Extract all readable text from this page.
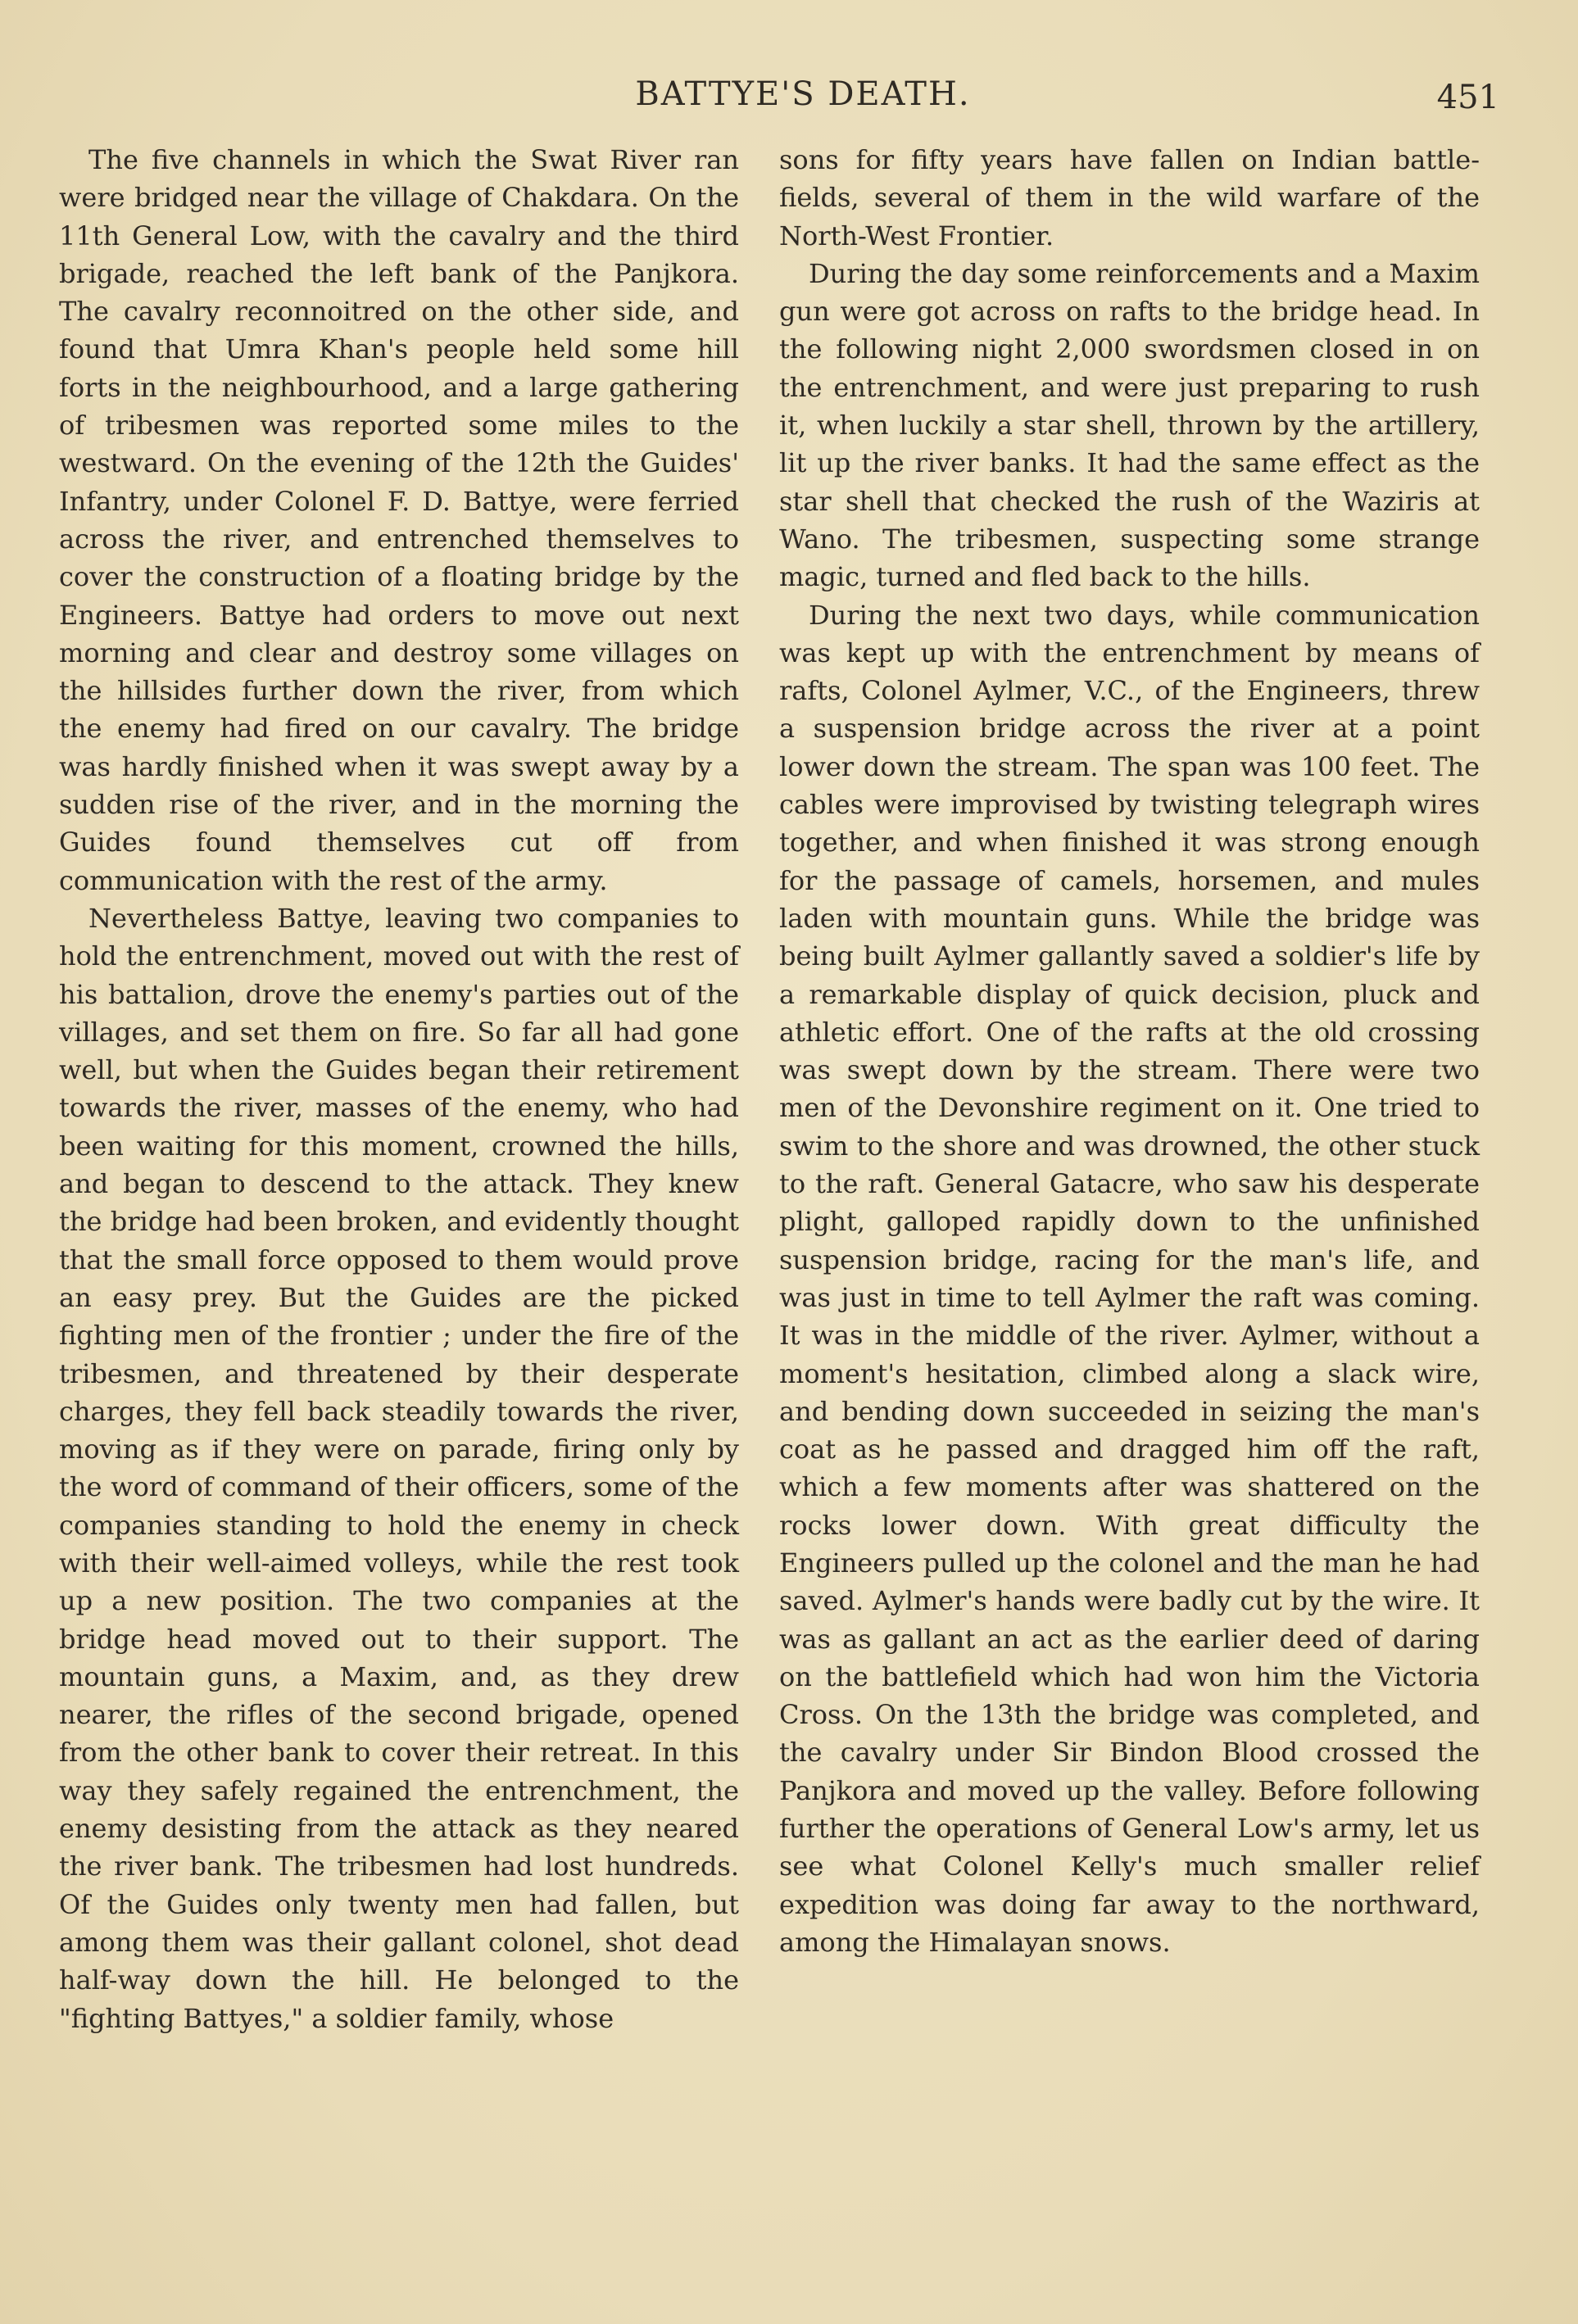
BATTYE'S DEATH.	451

The five channels in which the Swat River ran were bridged near the village of Chakdara. On the 11th General Low, with the cavalry and the third brigade, reached the left bank of the Panjkora. The cavalry reconnoitred on the other side, and found that Umra Khan's people held some hill forts in the neighbourhood, and a large gathering of tribesmen was reported some miles to the westward. On the evening of the 12th the Guides' Infantry, under Colonel F. D. Battye, were ferried across the river, and entrenched themselves to cover the construction of a floating bridge by the Engineers. Battye had orders to move out next morning and clear and destroy some villages on the hillsides further down the river, from which the enemy had fired on our cavalry. The bridge was hardly finished when it was swept away by a sudden rise of the river, and in the morning the Guides found themselves cut off from communication with the rest of the army.

Nevertheless Battye, leaving two companies to hold the entrenchment, moved out with the rest of his battalion, drove the enemy's parties out of the villages, and set them on fire. So far all had gone well, but when the Guides began their retirement towards the river, masses of the enemy, who had been waiting for this moment, crowned the hills, and began to descend to the attack. They knew the bridge had been broken, and evidently thought that the small force opposed to them would prove an easy prey. But the Guides are the picked fighting men of the frontier ; under the fire of the tribesmen, and threatened by their desperate charges, they fell back steadily towards the river, moving as if they were on parade, firing only by the word of command of their officers, some of the companies standing to hold the enemy in check with their well-aimed volleys, while the rest took up a new position. The two companies at the bridge head moved out to their support. The mountain guns, a Maxim, and, as they drew nearer, the rifles of the second brigade, opened from the other bank to cover their retreat. In this way they safely regained the entrenchment, the enemy desisting from the attack as they neared the river bank. The tribesmen had lost hundreds. Of the Guides only twenty men had fallen, but among them was their gallant colonel, shot dead half-way down the hill. He belonged to the "fighting Battyes," a soldier family, whose

sons for fifty years have fallen on Indian battlefields, several of them in the wild warfare of the North-West Frontier.

During the day some reinforcements and a Maxim gun were got across on rafts to the bridge head. In the following night 2,000 swordsmen closed in on the entrenchment, and were just preparing to rush it, when luckily a star shell, thrown by the artillery, lit up the river banks. It had the same effect as the star shell that checked the rush of the Waziris at Wano. The tribesmen, suspecting some strange magic, turned and fled back to the hills.

During the next two days, while communication was kept up with the entrenchment by means of rafts, Colonel Aylmer, V.C., of the Engineers, threw a suspension bridge across the river at a point lower down the stream. The span was 100 feet. The cables were improvised by twisting telegraph wires together, and when finished it was strong enough for the passage of camels, horsemen, and mules laden with mountain guns. While the bridge was being built Aylmer gallantly saved a soldier's life by a remarkable display of quick decision, pluck and athletic effort. One of the rafts at the old crossing was swept down by the stream. There were two men of the Devonshire regiment on it. One tried to swim to the shore and was drowned, the other stuck to the raft. General Gatacre, who saw his desperate plight, galloped rapidly down to the unfinished suspension bridge, racing for the man's life, and was just in time to tell Aylmer the raft was coming. It was in the middle of the river. Aylmer, without a moment's hesitation, climbed along a slack wire, and bending down succeeded in seizing the man's coat as he passed and dragged him off the raft, which a few moments after was shattered on the rocks lower down. With great difficulty the Engineers pulled up the colonel and the man he had saved. Aylmer's hands were badly cut by the wire. It was as gallant an act as the earlier deed of daring on the battlefield which had won him the Victoria Cross. On the 13th the bridge was completed, and the cavalry under Sir Bindon Blood crossed the Panjkora and moved up the valley. Before following further the operations of General Low's army, let us see what Colonel Kelly's much smaller relief expedition was doing far away to the northward, among the Himalayan snows.
